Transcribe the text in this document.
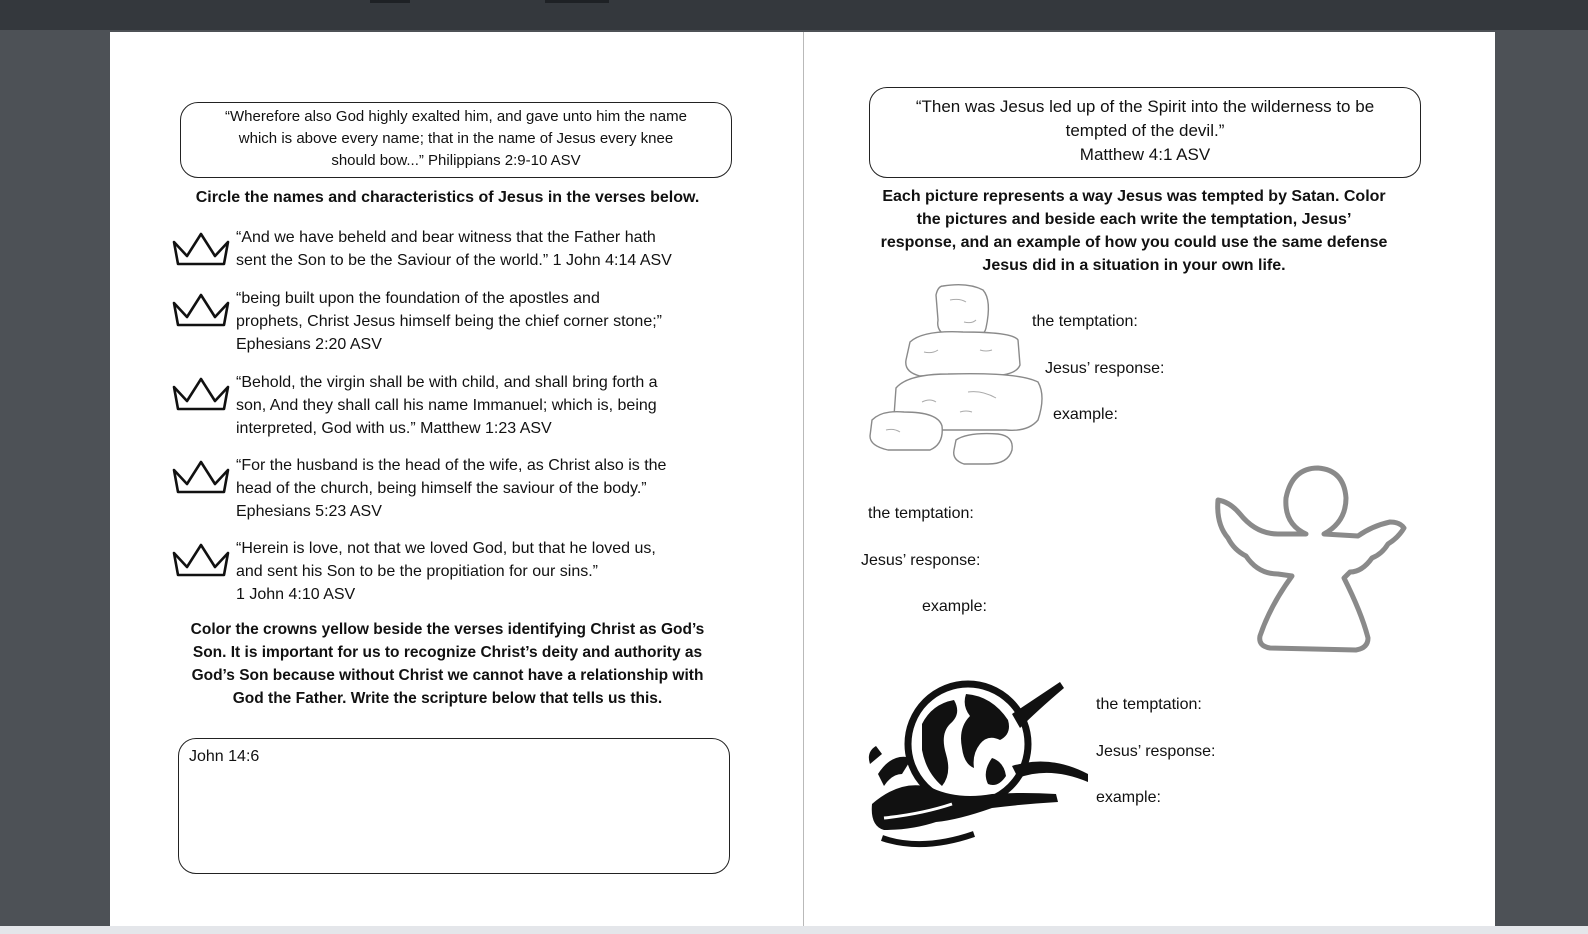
“Wherefore also God highly exalted him, and gave unto him the name
which is above every name; that in the name of Jesus every knee
should bow...” Philippians 2:9-10 ASV
Circle the names and characteristics of Jesus in the verses below.
“And we have beheld and bear witness that the Father hath
sent the Son to be the Saviour of the world.” 1 John 4:14 ASV
“being built upon the foundation of the apostles and
prophets, Christ Jesus himself being the chief corner stone;”
Ephesians 2:20 ASV
“Behold, the virgin shall be with child, and shall bring forth a
son, And they shall call his name Immanuel; which is, being
interpreted, God with us.” Matthew 1:23 ASV
“For the husband is the head of the wife, as Christ also is the
head of the church, being himself the saviour of the body.”
Ephesians 5:23 ASV
“Herein is love, not that we loved God, but that he loved us,
and sent his Son to be the propitiation for our sins.”
1 John 4:10 ASV
Color the crowns yellow beside the verses identifying Christ as God’s
Son. It is important for us to recognize Christ’s deity and authority as
God’s Son because without Christ we cannot have a relationship with
God the Father. Write the scripture below that tells us this.
John 14:6
“Then was Jesus led up of the Spirit into the wilderness to be
tempted of the devil.”
Matthew 4:1 ASV
Each picture represents a way Jesus was tempted by Satan. Color
the pictures and beside each write the temptation, Jesus’
response, and an example of how you could use the same defense
Jesus did in a situation in your own life.
the temptation:
Jesus’ response:
example:
the temptation:
Jesus’ response:
example:
the temptation:
Jesus’ response:
example:
